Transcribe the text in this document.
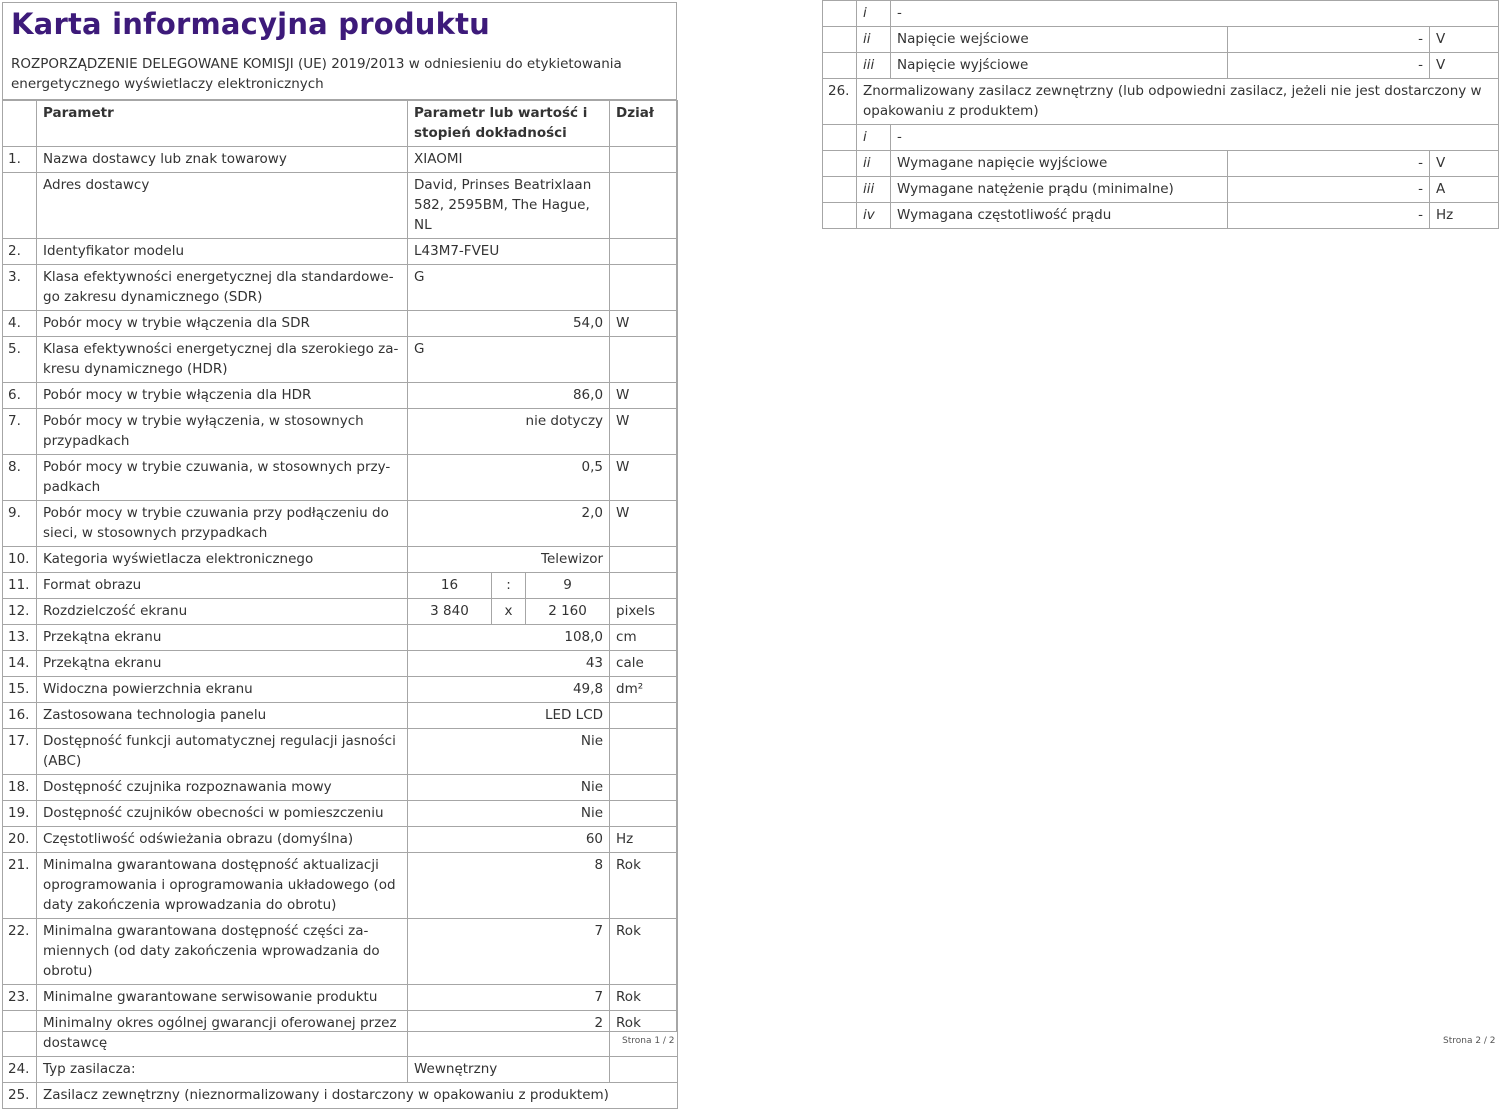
Karta informacyjna produktu
ROZPORZĄDZENIE DELEGOWANE KOMISJI (UE) 2019/2013 w odniesieniu do etykietowania energetycznego wyświetlaczy elektronicznych
	Parametr	Parametr lub wartość i stopień dokładności			Dział
1.	Nazwa dostawcy lub znak towarowy	XIAOMI			
	Adres dostawcy	David, Prinses Beatrixlaan 582, 2595BM, The Hague, NL			
2.	Identyfikator modelu	L43M7-FVEU			
3.	Klasa efektywności energetycznej dla standardowe-go zakresu dynamicznego (SDR)	G			
4.	Pobór mocy w trybie włączenia dla SDR	54,0			W
5.	Klasa efektywności energetycznej dla szerokiego za-kresu dynamicznego (HDR)	G			
6.	Pobór mocy w trybie włączenia dla HDR	86,0			W
7.	Pobór mocy w trybie wyłączenia, w stosownych przypadkach	nie dotyczy			W
8.	Pobór mocy w trybie czuwania, w stosownych przy-padkach	0,5			W
9.	Pobór mocy w trybie czuwania przy podłączeniu do sieci, w stosownych przypadkach	2,0			W
10.	Kategoria wyświetlacza elektronicznego	Telewizor			
11.	Format obrazu	16	:	9	
12.	Rozdzielczość ekranu	3 840	x	2 160	pixels
13.	Przekątna ekranu	108,0			cm
14.	Przekątna ekranu	43			cale
15.	Widoczna powierzchnia ekranu	49,8			dm²
16.	Zastosowana technologia panelu	LED LCD			
17.	Dostępność funkcji automatycznej regulacji jasności (ABC)	Nie			
18.	Dostępność czujnika rozpoznawania mowy	Nie			
19.	Dostępność czujników obecności w pomieszczeniu	Nie			
20.	Częstotliwość odświeżania obrazu (domyślna)	60			Hz
21.	Minimalna gwarantowana dostępność aktualizacji oprogramowania i oprogramowania układowego (od daty zakończenia wprowadzania do obrotu)	8			Rok
22.	Minimalna gwarantowana dostępność części za-miennych (od daty zakończenia wprowadzania do obrotu)	7			Rok
23.	Minimalne gwarantowane serwisowanie produktu	7			Rok
	Minimalny okres ogólnej gwarancji oferowanej przez dostawcę	2			Rok
24.	Typ zasilacza:	Wewnętrzny			
25.	Zasilacz zewnętrzny (nieznormalizowany i dostarczony w opakowaniu z produktem)				
Strona 1 / 2
	i	-		
	ii	Napięcie wejściowe	-	V
	iii	Napięcie wyjściowe	-	V
26.	Znormalizowany zasilacz zewnętrzny (lub odpowiedni zasilacz, jeżeli nie jest dostarczony w opakowaniu z produktem)			
	i	-		
	ii	Wymagane napięcie wyjściowe	-	V
	iii	Wymagane natężenie prądu (minimalne)	-	A
	iv	Wymagana częstotliwość prądu	-	Hz
Strona 2 / 2
